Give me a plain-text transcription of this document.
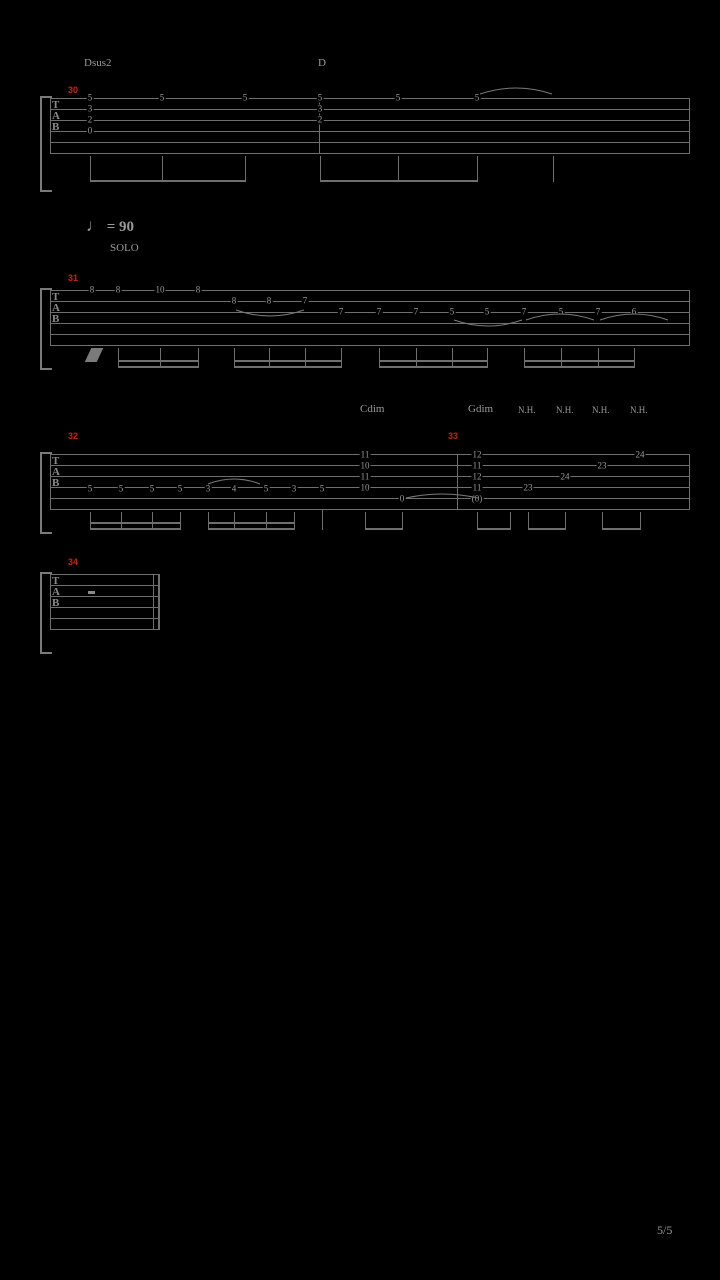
30
Dsus2	D
T
A
B
5
3
2
0
5	5	5
3
2
5	5
♩ = 90
SOLO
31
T
A
B
8 8	10	8
8	8	7
7	7	7	5	5	7	5	7	6
32	33
Cdim	Gdim	N.H. N.H. N.H. N.H.
T
A
B	5	5	5	5	3 4	5	3	5
11
10
11
10
0
12
11
12
11
(0)
23
24
23
24
34
T
A
B
5/5
